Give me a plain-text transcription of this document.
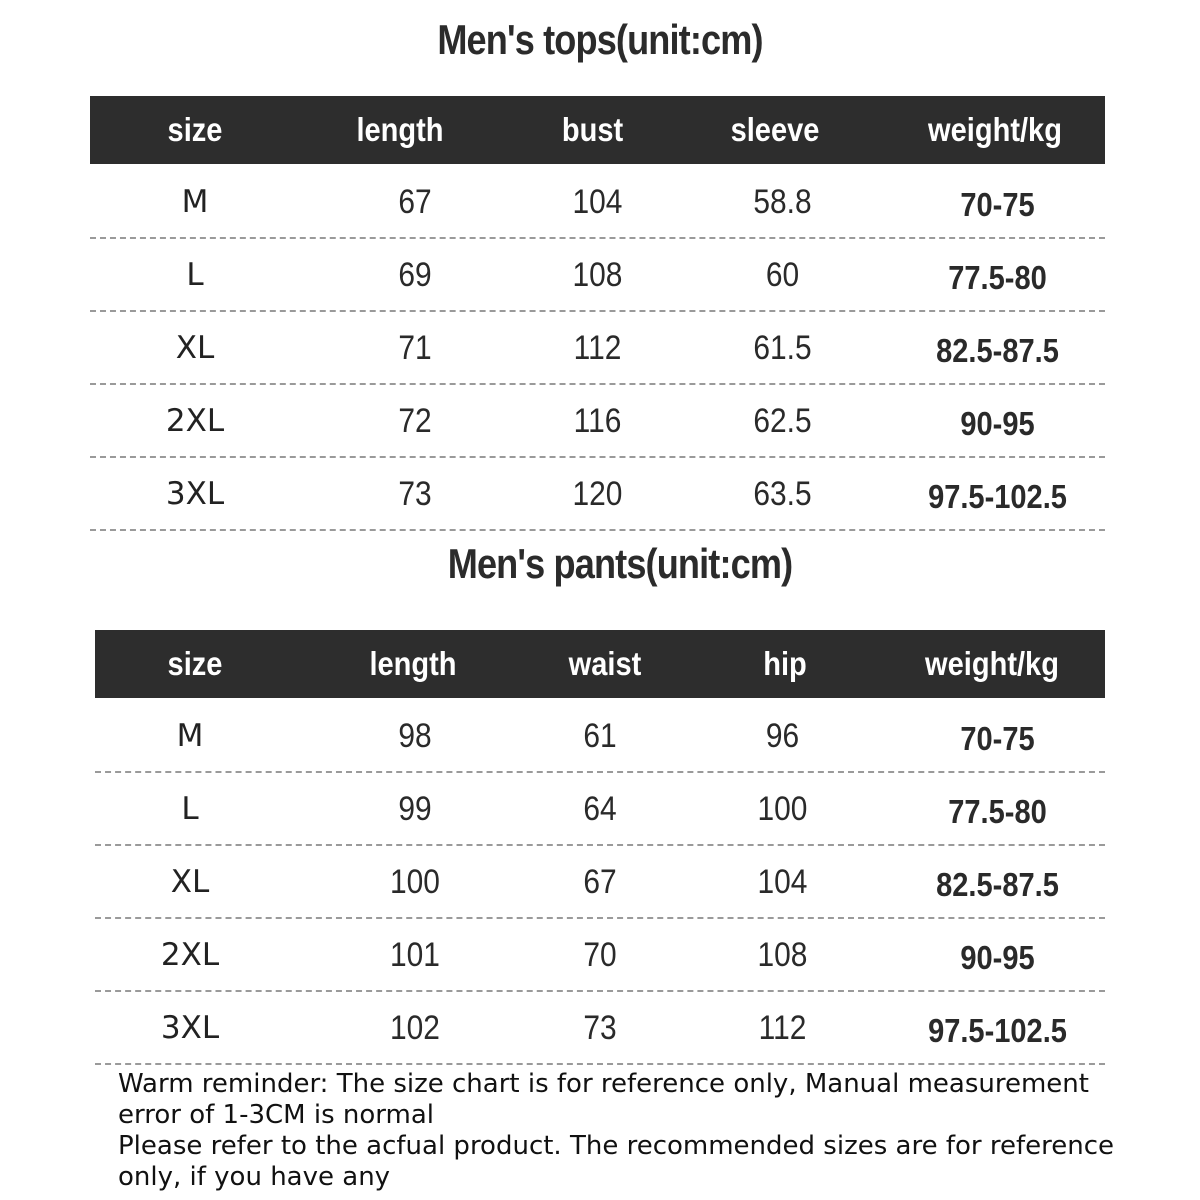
Men's tops(unit:cm)
size	length	bust	sleeve	weight/kg
M	67	104	58.8	70-75
L	69	108	60	77.5-80
XL	71	112	61.5	82.5-87.5
2XL	72	116	62.5	90-95
3XL	73	120	63.5	97.5-102.5
Men's pants(unit:cm)
size	length	waist	hip	weight/kg
M	98	61	96	70-75
L	99	64	100	77.5-80
XL	100	67	104	82.5-87.5
2XL	101	70	108	90-95
3XL	102	73	112	97.5-102.5
Warm reminder: The size chart is for reference only, Manual measurement error of 1-3CM is normal
Please refer to the acfual product. The recommended sizes are for reference only, if you have any
